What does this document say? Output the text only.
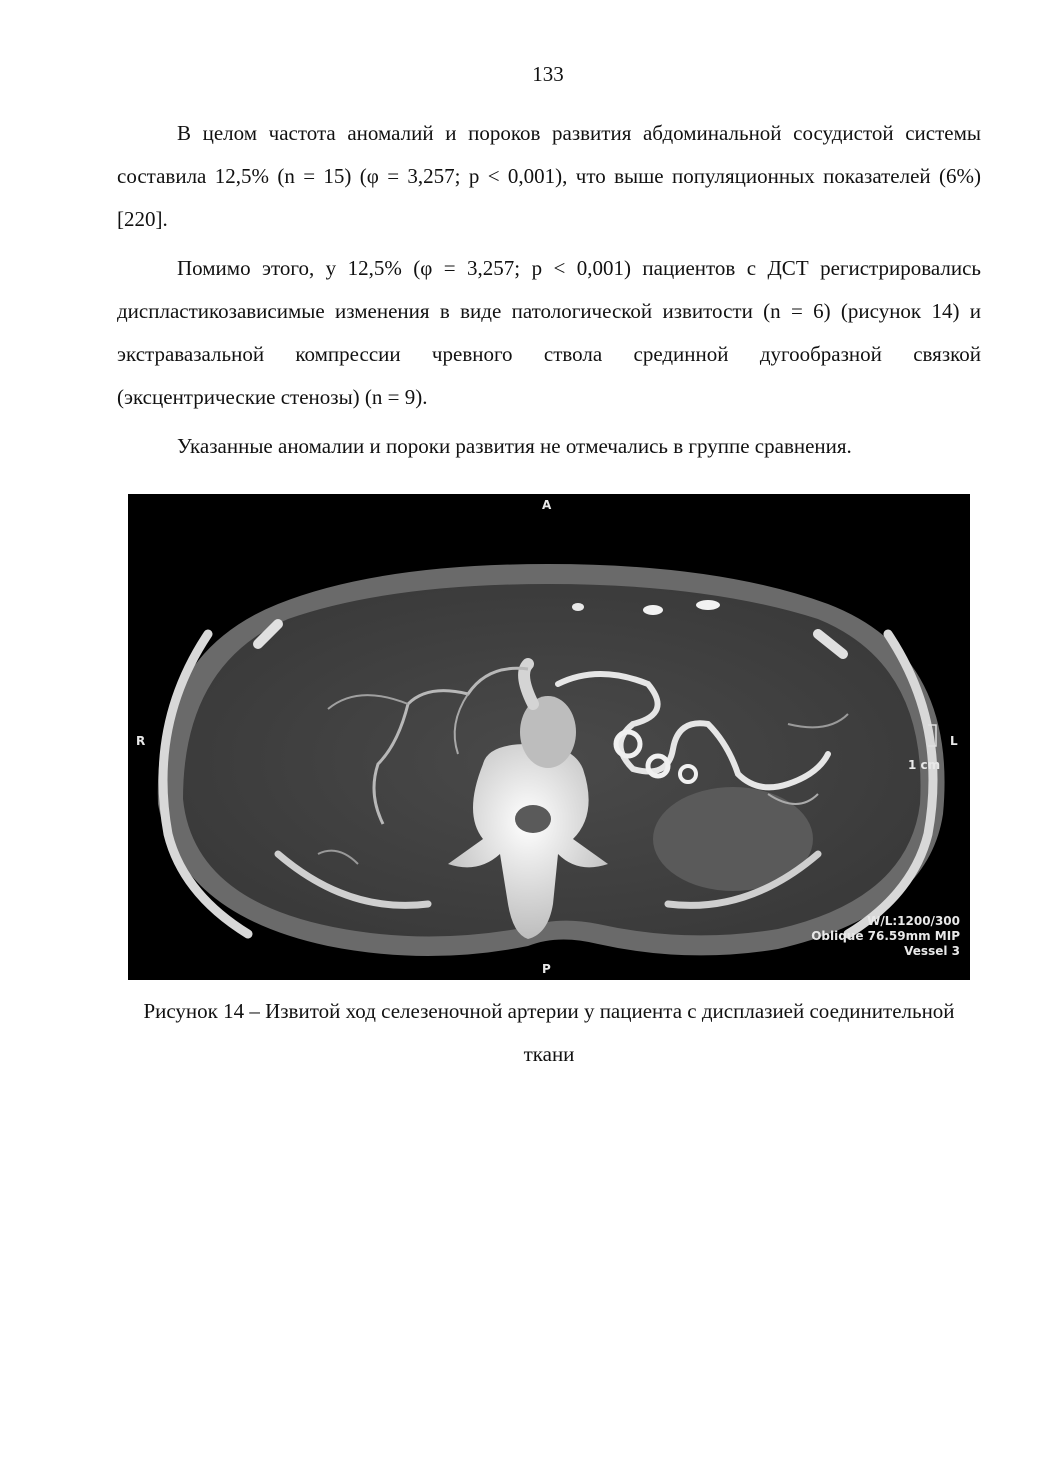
133

В целом частота аномалий и пороков развития абдоминальной сосудистой системы составила 12,5% (n = 15) (φ = 3,257; p < 0,001), что выше популяционных показателей (6%) [220].

Помимо этого, у 12,5% (φ = 3,257; p < 0,001) пациентов с ДСТ регистрировались диспластикозависимые изменения в виде патологической извитости (n = 6) (рисунок 14) и экстравазальной компрессии чревного ствола срединной дугообразной связкой (эксцентрические стенозы) (n = 9).

Указанные аномалии и пороки развития не отмечались в группе сравнения.

A
P
R	L
1 cm
W/L:1200/300
Oblique 76.59mm MIP
Vessel 3
Рисунок 14 – Извитой ход селезеночной артерии у пациента с дисплазией соединительной ткани
